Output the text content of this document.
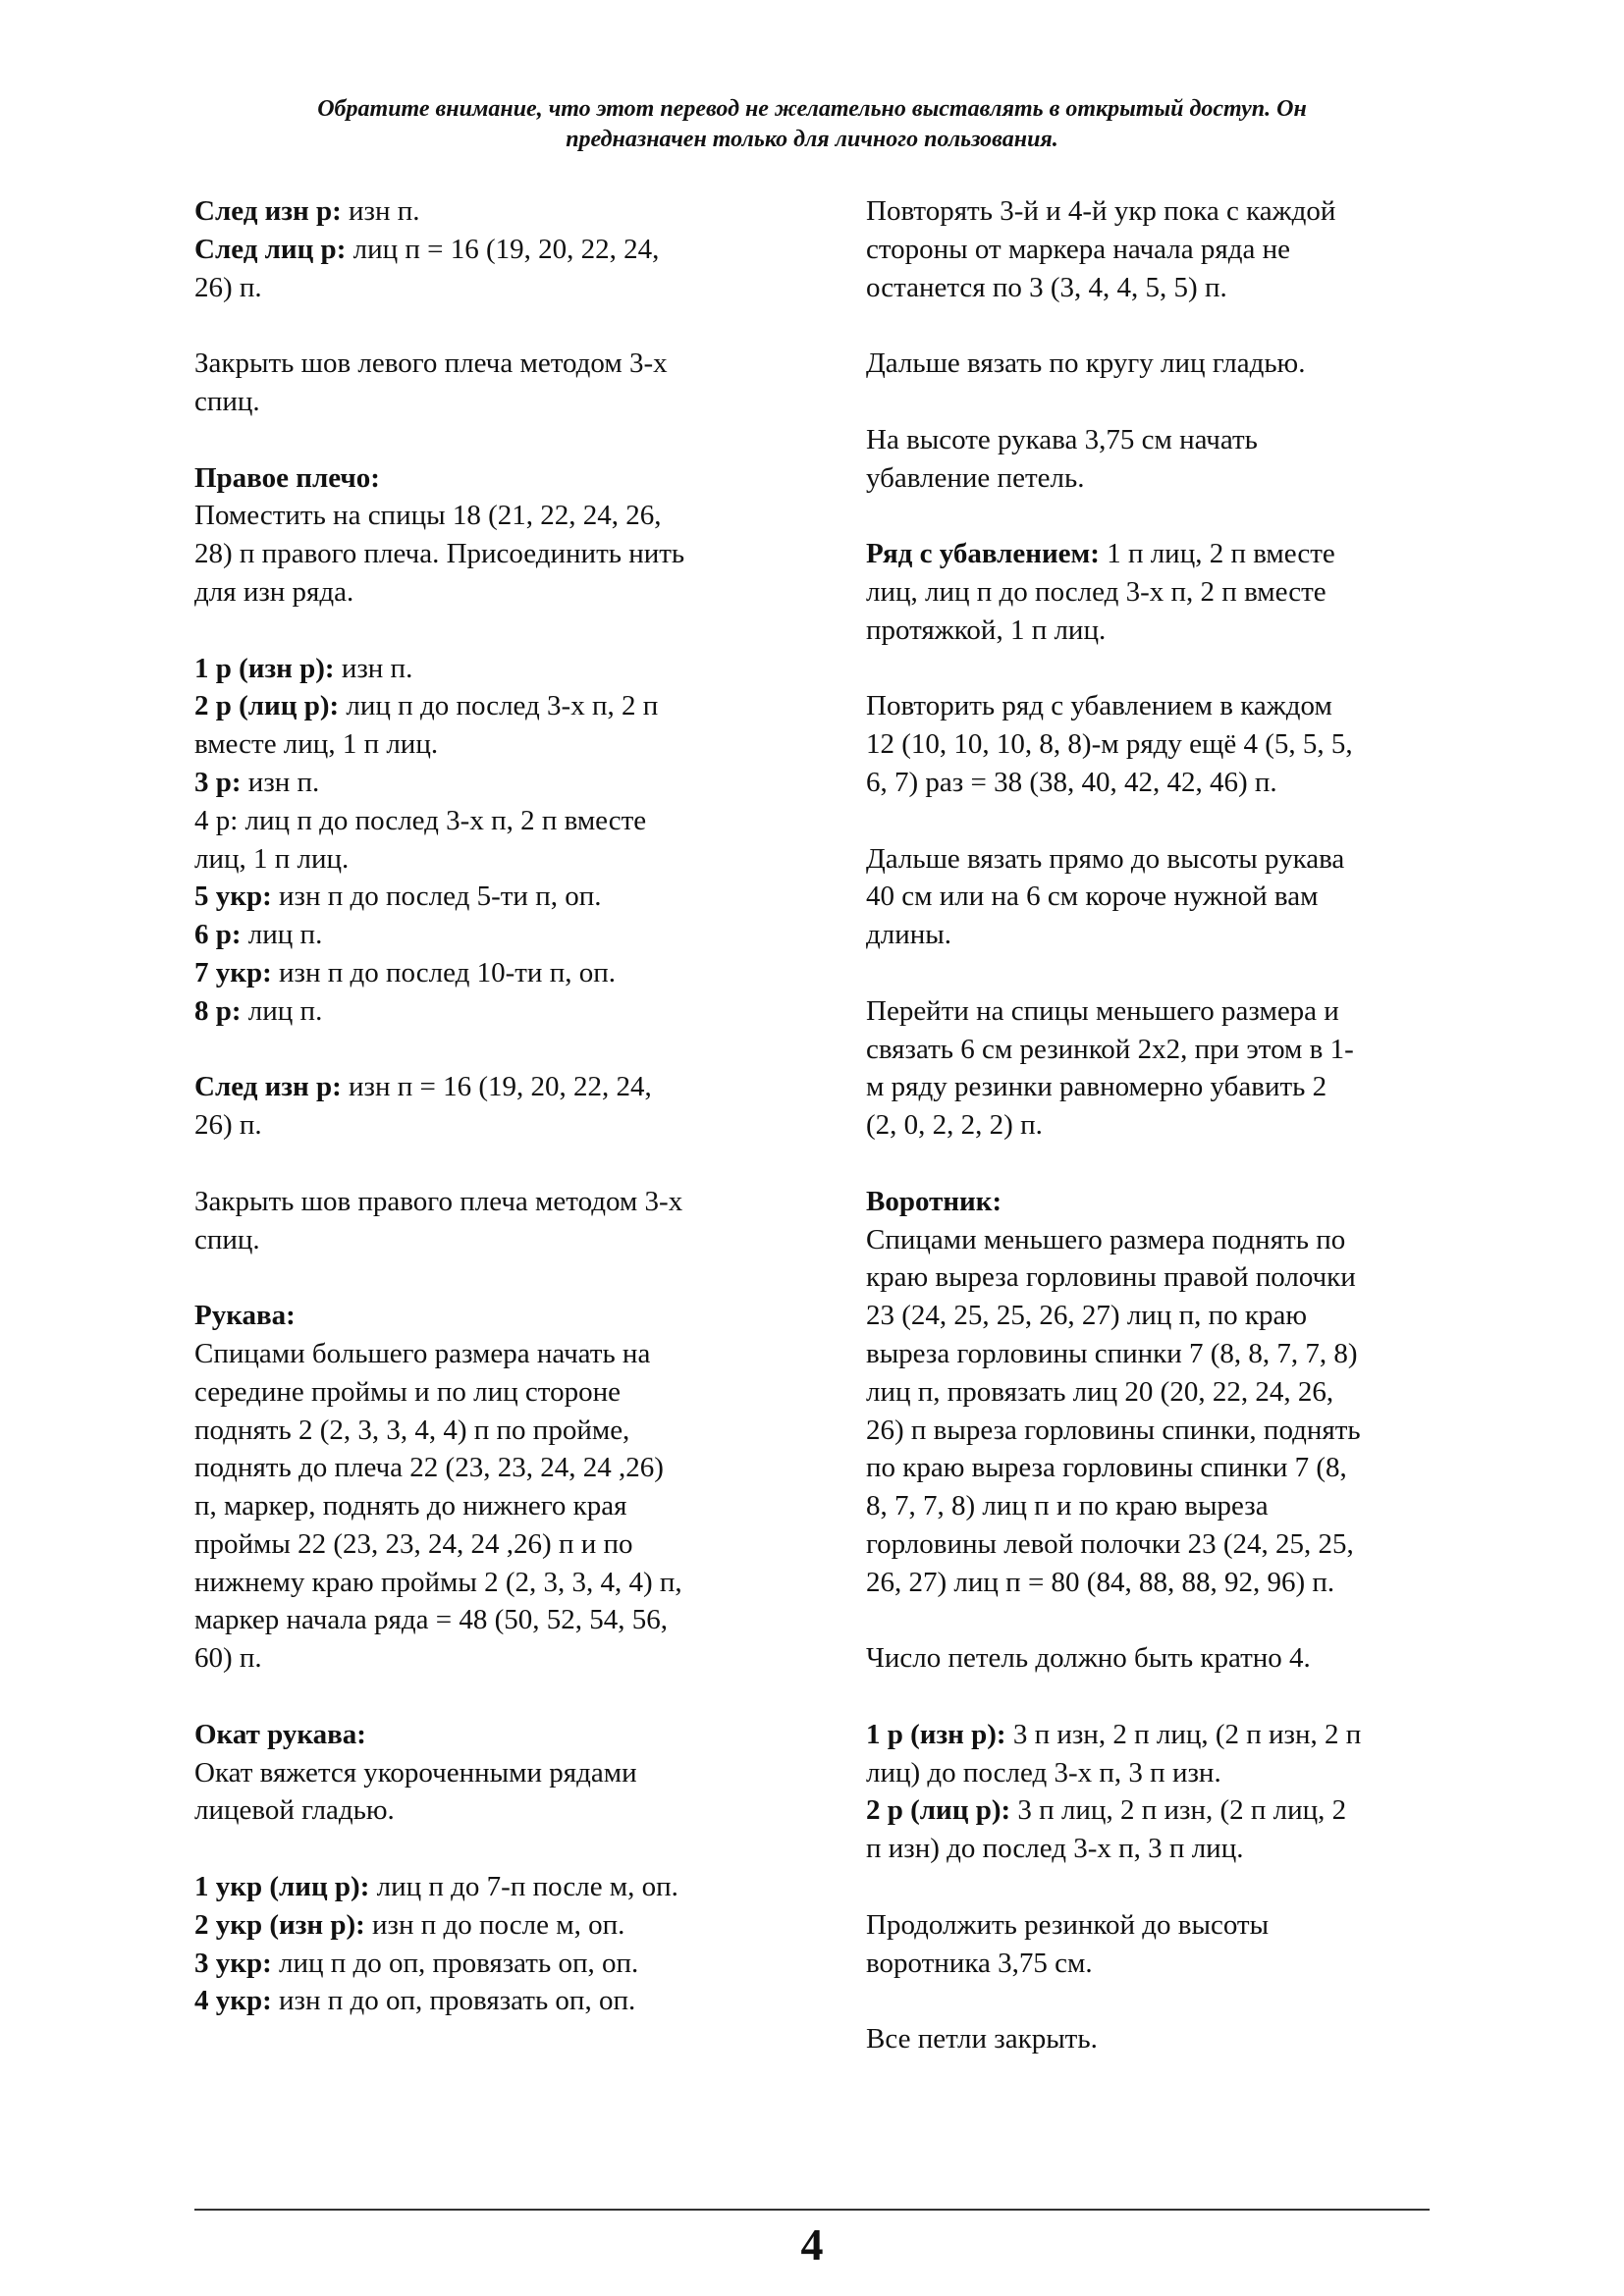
Обратите внимание, что этот перевод не желательно выставлять в открытый доступ. Он
предназначен только для личного пользования.
След изн р: изн п.
След лиц р: лиц п = 16 (19, 20, 22, 24,
26) п.
Закрыть шов левого плеча методом 3-х
спиц.
Правое плечо:
Поместить на спицы 18 (21, 22, 24, 26,
28) п правого плеча. Присоединить нить
для изн ряда.
1 р (изн р): изн п.
2 р (лиц р): лиц п до послед 3-х п, 2 п
вместе лиц, 1 п лиц.
3 р: изн п.
4 р: лиц п до послед 3-х п, 2 п вместе
лиц, 1 п лиц.
5 укр: изн п до послед 5-ти п, оп.
6 р: лиц п.
7 укр: изн п до послед 10-ти п, оп.
8 р: лиц п.
След изн р: изн п = 16 (19, 20, 22, 24,
26) п.
Закрыть шов правого плеча методом 3-х
спиц.
Рукава:
Спицами большего размера начать на
середине проймы и по лиц стороне
поднять 2 (2, 3, 3, 4, 4) п по пройме,
поднять до плеча 22 (23, 23, 24, 24 ,26)
п, маркер, поднять до нижнего края
проймы 22 (23, 23, 24, 24 ,26) п и по
нижнему краю проймы 2 (2, 3, 3, 4, 4) п,
маркер начала ряда = 48 (50, 52, 54, 56,
60) п.
Окат рукава:
Окат вяжется укороченными рядами
лицевой гладью.
1 укр (лиц р): лиц п до 7-п после м, оп.
2 укр (изн р): изн п до после м, оп.
3 укр: лиц п до оп, провязать оп, оп.
4 укр: изн п до оп, провязать оп, оп.
Повторять 3-й и 4-й укр пока с каждой
стороны от маркера начала ряда не
останется по 3 (3, 4, 4, 5, 5) п.
Дальше вязать по кругу лиц гладью.
На высоте рукава 3,75 см начать
убавление петель.
Ряд с убавлением: 1 п лиц, 2 п вместе
лиц, лиц п до послед 3-х п, 2 п вместе
протяжкой, 1 п лиц.
Повторить ряд с убавлением в каждом
12 (10, 10, 10, 8, 8)-м ряду ещё 4 (5, 5, 5,
6, 7) раз = 38 (38, 40, 42, 42, 46) п.
Дальше вязать прямо до высоты рукава
40 см или на 6 см короче нужной вам
длины.
Перейти на спицы меньшего размера и
связать 6 см резинкой 2х2, при этом в 1-
м ряду резинки равномерно убавить 2
(2, 0, 2, 2, 2) п.
Воротник:
Спицами меньшего размера поднять по
краю выреза горловины правой полочки
23 (24, 25, 25, 26, 27) лиц п, по краю
выреза горловины спинки 7 (8, 8, 7, 7, 8)
лиц п, провязать лиц 20 (20, 22, 24, 26,
26) п выреза горловины спинки, поднять
по краю выреза горловины спинки 7 (8,
8, 7, 7, 8) лиц п и по краю выреза
горловины левой полочки 23 (24, 25, 25,
26, 27) лиц п = 80 (84, 88, 88, 92, 96) п.
Число петель должно быть кратно 4.
1 р (изн р): 3 п изн, 2 п лиц, (2 п изн, 2 п
лиц) до послед 3-х п, 3 п изн.
2 р (лиц р): 3 п лиц, 2 п изн, (2 п лиц, 2
п изн) до послед 3-х п, 3 п лиц.
Продолжить резинкой до высоты
воротника 3,75 см.
Все петли закрыть.
4
